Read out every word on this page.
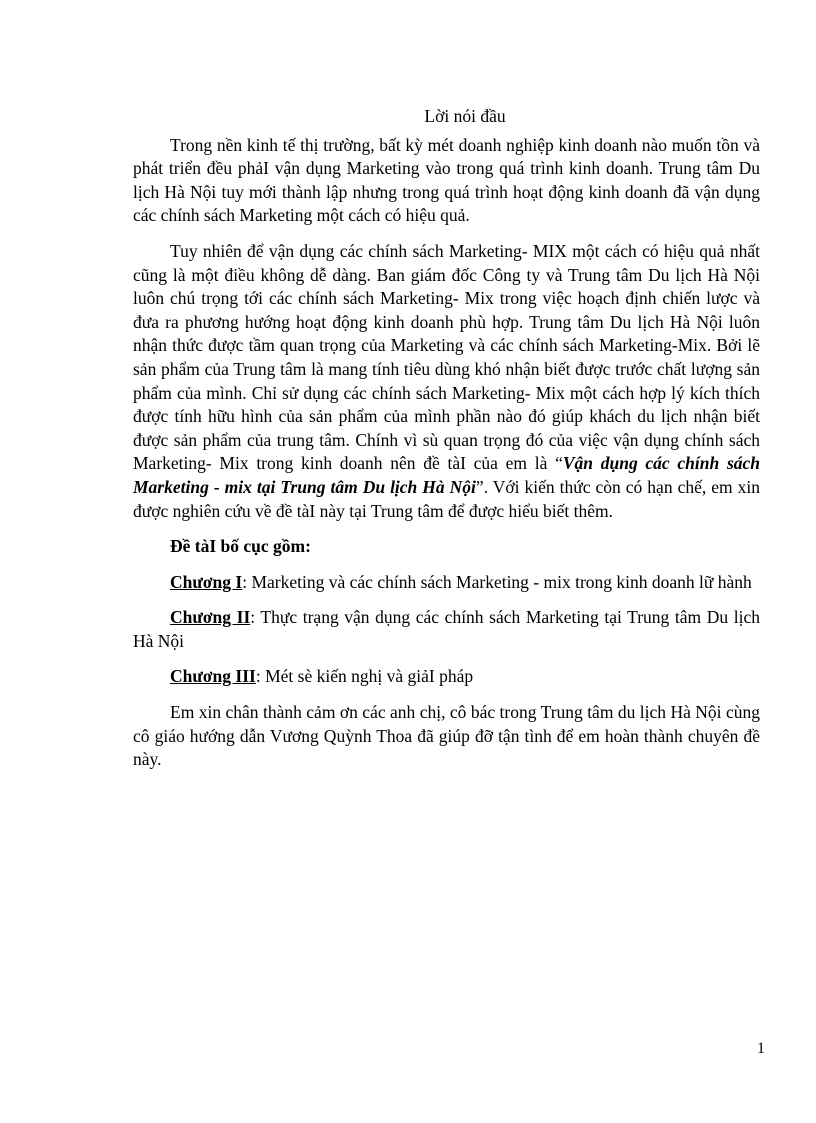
Lời nói đầu

Trong nền kinh tế thị trường, bất kỳ mét doanh nghiệp kinh doanh nào muốn tồn và phát triển đều phảI vận dụng Marketing vào trong quá trình kinh doanh. Trung tâm Du lịch Hà Nội tuy mới thành lập nhưng trong quá trình hoạt động kinh doanh đã vận dụng các chính sách Marketing một cách có hiệu quả.

Tuy nhiên để vận dụng các chính sách Marketing- MIX một cách có hiệu quả nhất cũng là một điều không dễ dàng. Ban giám đốc Công ty và Trung tâm Du lịch Hà Nội luôn chú trọng tới các chính sách Marketing- Mix trong việc hoạch định chiến lược và đưa ra phương hướng hoạt động kinh doanh phù hợp. Trung tâm Du lịch Hà Nội luôn nhận thức được tầm quan trọng của Marketing và các chính sách Marketing-Mix. Bởi lẽ sản phẩm của Trung tâm là mang tính tiêu dùng khó nhận biết được trước chất lượng sản phẩm của mình. Chỉ sử dụng các chính sách Marketing- Mix một cách hợp lý kích thích được tính hữu hình của sản phẩm của mình phần nào đó giúp khách du lịch nhận biết được sản phẩm của trung tâm. Chính vì sù quan trọng đó của việc vận dụng chính sách Marketing- Mix trong kinh doanh nên đề tàI của em là “Vận dụng các chính sách Marketing - mix tại Trung tâm Du lịch Hà Nội”. Với kiến thức còn có hạn chế, em xin được nghiên cứu về đề tàI này tại Trung tâm để được hiểu biết thêm.

Đề tàI bố cục gồm:

Chương I: Marketing và các chính sách Marketing - mix trong kinh doanh lữ hành

Chương II: Thực trạng vận dụng các chính sách Marketing tại Trung tâm Du lịch Hà Nội

Chương III: Mét sè kiến nghị và giảI pháp

Em xin chân thành cảm ơn các anh chị, cô bác trong Trung tâm du lịch Hà Nội cùng cô giáo hướng dẫn Vương Quỳnh Thoa đã giúp đỡ tận tình để em hoàn thành chuyên đề này.

1
